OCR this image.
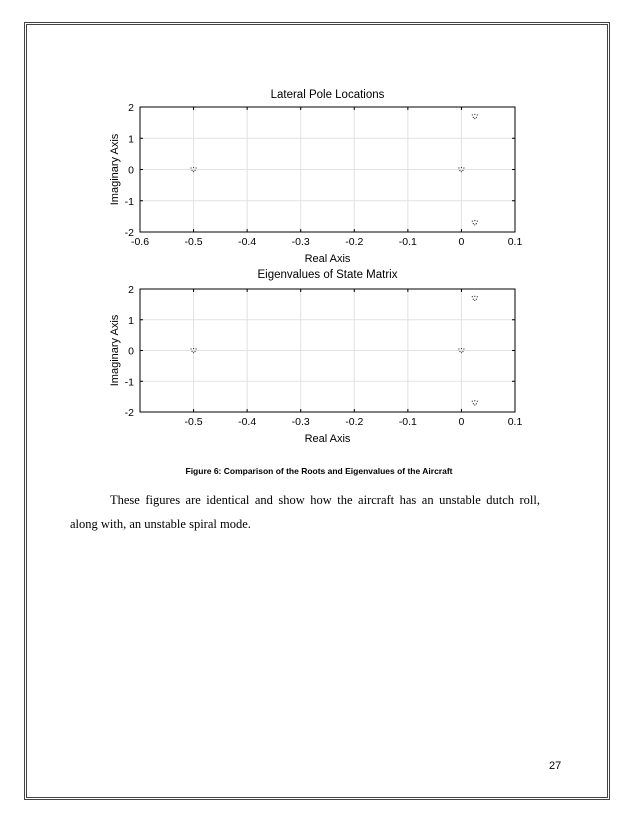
-0.6	-0.5	-0.4	-0.3	-0.2	-0.1	0	0.1
2
1
0
-1
-2
Lateral Pole Locations
Real Axis
Imaginary Axis
-0.5	-0.4	-0.3	-0.2	-0.1	0	0.1
2
1
0
-1
-2
Eigenvalues of State Matrix
Real Axis
Imaginary Axis
Figure 6: Comparison of the Roots and Eigenvalues of the Aircraft
These figures are identical and show how the aircraft has an unstable dutch roll, along with, an unstable spiral mode.
27
